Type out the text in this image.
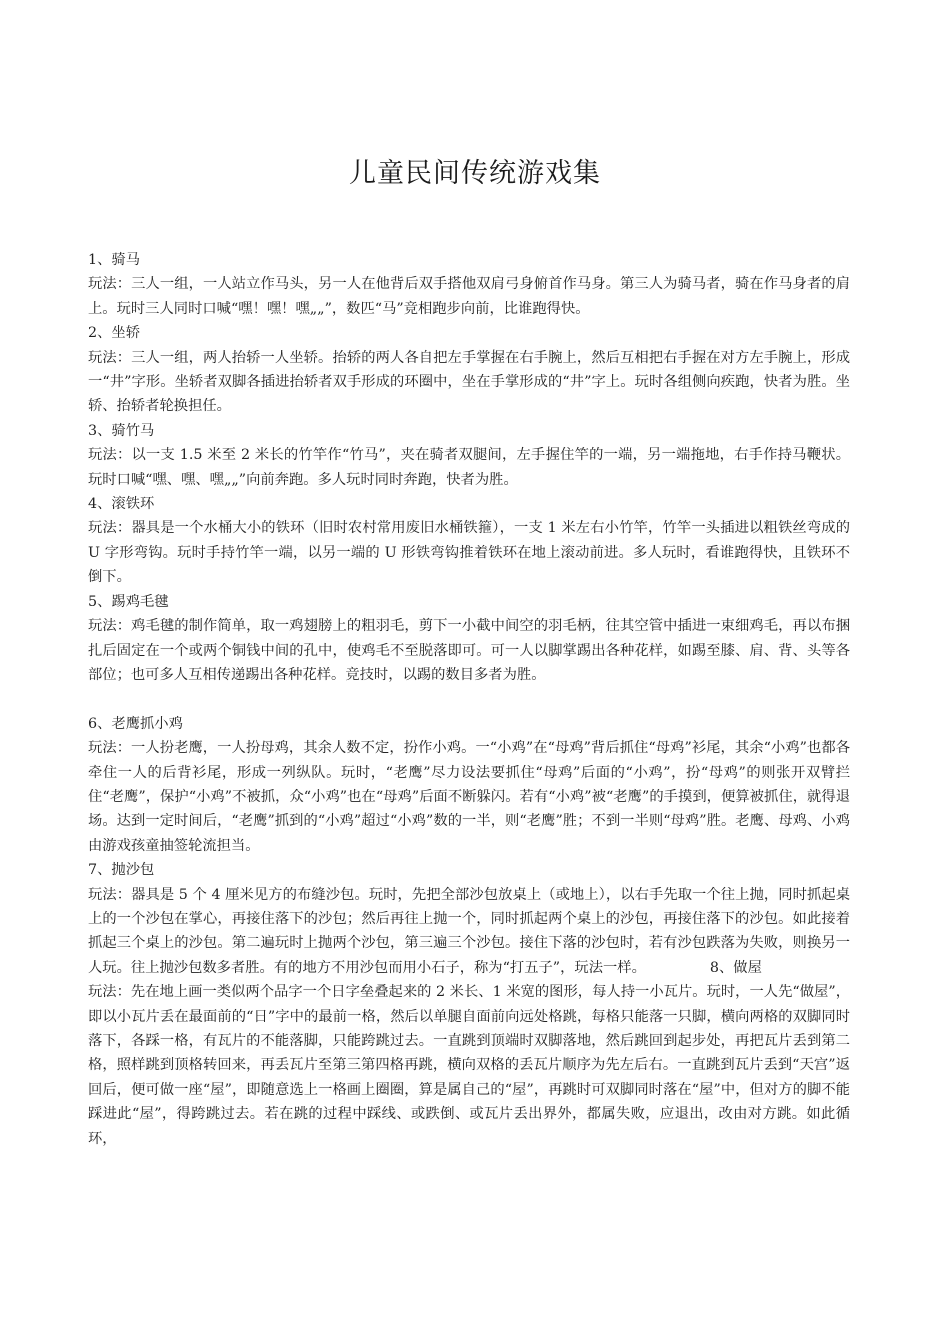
儿童民间传统游戏集

1、骑马

玩法：三人一组，一人站立作马头，另一人在他背后双手搭他双肩弓身俯首作马身。第三人为骑马者，骑在作马身者的肩上。玩时三人同时口喊“嘿！嘿！嘿„„”，数匹“马”竞相跑步向前，比谁跑得快。

2、坐轿

玩法：三人一组，两人抬轿一人坐轿。抬轿的两人各自把左手掌握在右手腕上，然后互相把右手握在对方左手腕上，形成一“井”字形。坐轿者双脚各插进抬轿者双手形成的环圈中，坐在手掌形成的“井”字上。玩时各组侧向疾跑，快者为胜。坐轿、抬轿者轮换担任。

3、骑竹马

玩法：以一支 1.5 米至 2 米长的竹竿作“竹马”，夹在骑者双腿间，左手握住竿的一端，另一端拖地，右手作持马鞭状。玩时口喊“嘿、嘿、嘿„„”向前奔跑。多人玩时同时奔跑，快者为胜。

4、滚铁环

玩法：器具是一个水桶大小的铁环（旧时农村常用废旧水桶铁箍），一支 1 米左右小竹竿，竹竿一头插进以粗铁丝弯成的 U 字形弯钩。玩时手持竹竿一端，以另一端的 U 形铁弯钩推着铁环在地上滚动前进。多人玩时，看谁跑得快，且铁环不倒下。

5、踢鸡毛毽

玩法：鸡毛毽的制作简单，取一鸡翅膀上的粗羽毛，剪下一小截中间空的羽毛柄，往其空管中插进一束细鸡毛，再以布捆扎后固定在一个或两个铜钱中间的孔中，使鸡毛不至脱落即可。可一人以脚掌踢出各种花样，如踢至膝、肩、背、头等各部位；也可多人互相传递踢出各种花样。竞技时，以踢的数目多者为胜。

6、老鹰抓小鸡

玩法：一人扮老鹰，一人扮母鸡，其余人数不定，扮作小鸡。一“小鸡”在“母鸡”背后抓住“母鸡”衫尾，其余“小鸡”也都各牵住一人的后背衫尾，形成一列纵队。玩时，“老鹰”尽力设法要抓住“母鸡”后面的“小鸡”，扮“母鸡”的则张开双臂拦住“老鹰”，保护“小鸡”不被抓，众“小鸡”也在“母鸡”后面不断躲闪。若有“小鸡”被“老鹰”的手摸到，便算被抓住，就得退场。达到一定时间后，“老鹰”抓到的“小鸡”超过“小鸡”数的一半，则“老鹰”胜；不到一半则“母鸡”胜。老鹰、母鸡、小鸡由游戏孩童抽签轮流担当。

7、抛沙包

玩法：器具是 5 个 4 厘米见方的布缝沙包。玩时，先把全部沙包放桌上（或地上），以右手先取一个往上抛，同时抓起桌上的一个沙包在掌心，再接住落下的沙包；然后再往上抛一个，同时抓起两个桌上的沙包，再接住落下的沙包。如此接着抓起三个桌上的沙包。第二遍玩时上抛两个沙包，第三遍三个沙包。接住下落的沙包时，若有沙包跌落为失败，则换另一人玩。往上抛沙包数多者胜。有的地方不用沙包而用小石子，称为“打五子”，玩法一样。	8、做屋

玩法：先在地上画一类似两个品字一个日字垒叠起来的 2 米长、1 米宽的图形，每人持一小瓦片。玩时，一人先“做屋”，即以小瓦片丢在最面前的“日”字中的最前一格，然后以单腿自面前向远处格跳，每格只能落一只脚，横向两格的双脚同时落下，各踩一格，有瓦片的不能落脚，只能跨跳过去。一直跳到顶端时双脚落地，然后跳回到起步处，再把瓦片丢到第二格，照样跳到顶格转回来，再丢瓦片至第三第四格再跳，横向双格的丢瓦片顺序为先左后右。一直跳到瓦片丢到“天宫”返回后，便可做一座“屋”，即随意选上一格画上圈圈，算是属自己的“屋”，再跳时可双脚同时落在“屋”中，但对方的脚不能踩进此“屋”，得跨跳过去。若在跳的过程中踩线、或跌倒、或瓦片丢出界外，都属失败，应退出，改由对方跳。如此循环，
